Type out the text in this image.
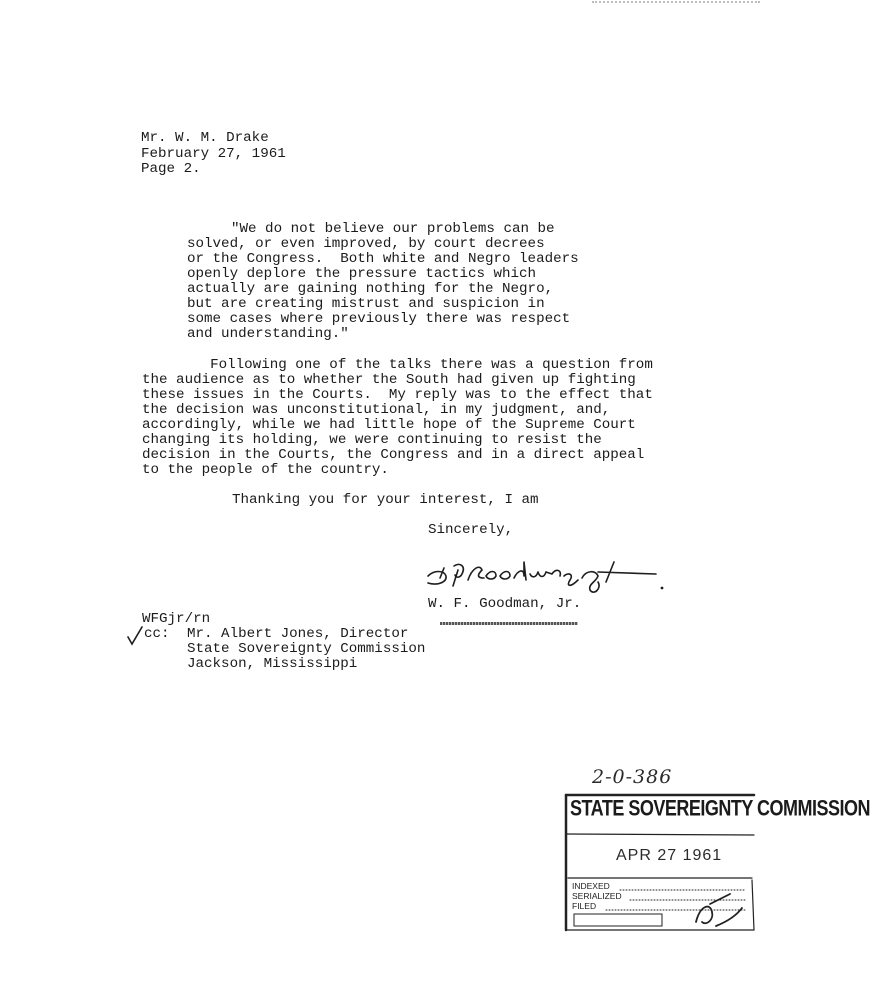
Mr. W. M. Drake
February 27, 1961
Page 2.
"We do not believe our problems can be
solved, or even improved, by court decrees
or the Congress.  Both white and Negro leaders
openly deplore the pressure tactics which
actually are gaining nothing for the Negro,
but are creating mistrust and suspicion in
some cases where previously there was respect
and understanding."
Following one of the talks there was a question from
the audience as to whether the South had given up fighting
these issues in the Courts.  My reply was to the effect that
the decision was unconstitutional, in my judgment, and,
accordingly, while we had little hope of the Supreme Court
changing its holding, we were continuing to resist the
decision in the Courts, the Congress and in a direct appeal
to the people of the country.
Thanking you for your interest, I am
Sincerely,
W. F. Goodman, Jr.
WFGjr/rn
cc: Mr. Albert Jones, Director
State Sovereignty Commission
Jackson, Mississippi
2-0-386
STATE SOVEREIGNTY COMMISSION
APR 27 1961
INDEXED
SERIALIZED
FILED
